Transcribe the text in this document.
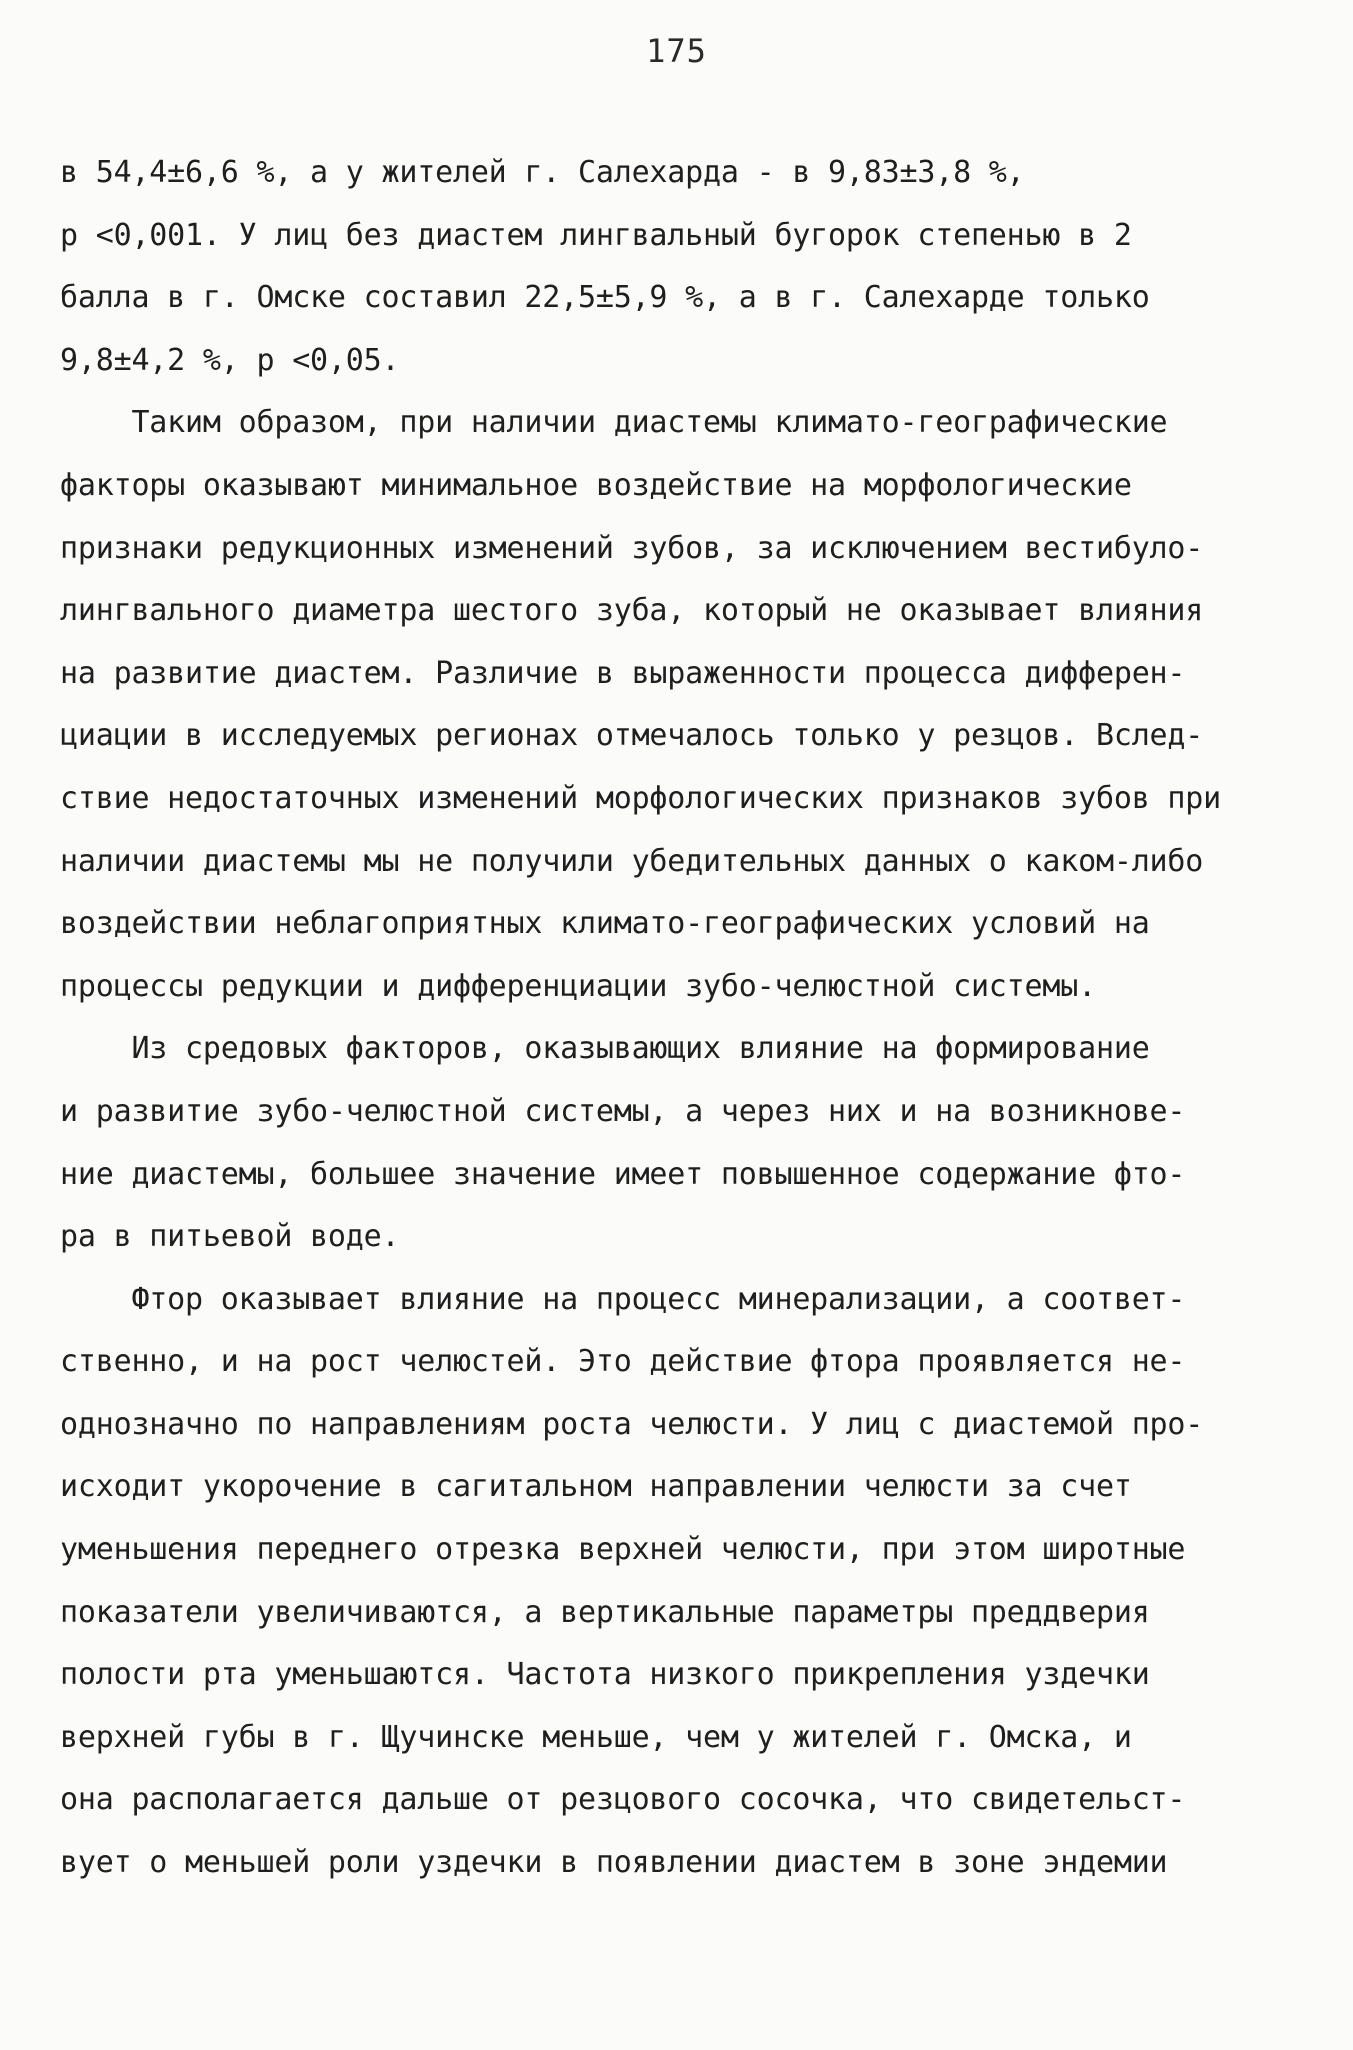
175
в 54,4±6,6 %, а у жителей г. Салехарда - в 9,83±3,8 %,
р <0,001. У лиц без диастем лингвальный бугорок степенью в 2
балла в г. Омске составил 22,5±5,9 %, а в г. Салехарде только
9,8±4,2 %, р <0,05.
Таким образом, при наличии диастемы климато-географические
факторы оказывают минимальное воздействие на морфологические
признаки редукционных изменений зубов, за исключением вестибуло-
лингвального диаметра шестого зуба, который не оказывает влияния
на развитие диастем. Различие в выраженности процесса дифферен-
циации в исследуемых регионах отмечалось только у резцов. Вслед-
ствие недостаточных изменений морфологических признаков зубов при
наличии диастемы мы не получили убедительных данных о каком-либо
воздействии неблагоприятных климато-географических условий на
процессы редукции и дифференциации зубо-челюстной системы.
Из средовых факторов, оказывающих влияние на формирование
и развитие зубо-челюстной системы, а через них и на возникнове-
ние диастемы, большее значение имеет повышенное содержание фто-
ра в питьевой воде.
Фтор оказывает влияние на процесс минерализации, а соответ-
ственно, и на рост челюстей. Это действие фтора проявляется не-
однозначно по направлениям роста челюсти. У лиц с диастемой про-
исходит укорочение в сагитальном направлении челюсти за счет
уменьшения переднего отрезка верхней челюсти, при этом широтные
показатели увеличиваются, а вертикальные параметры преддверия
полости рта уменьшаются. Частота низкого прикрепления уздечки
верхней губы в г. Щучинске меньше, чем у жителей г. Омска, и
она располагается дальше от резцового сосочка, что свидетельст-
вует о меньшей роли уздечки в появлении диастем в зоне эндемии
